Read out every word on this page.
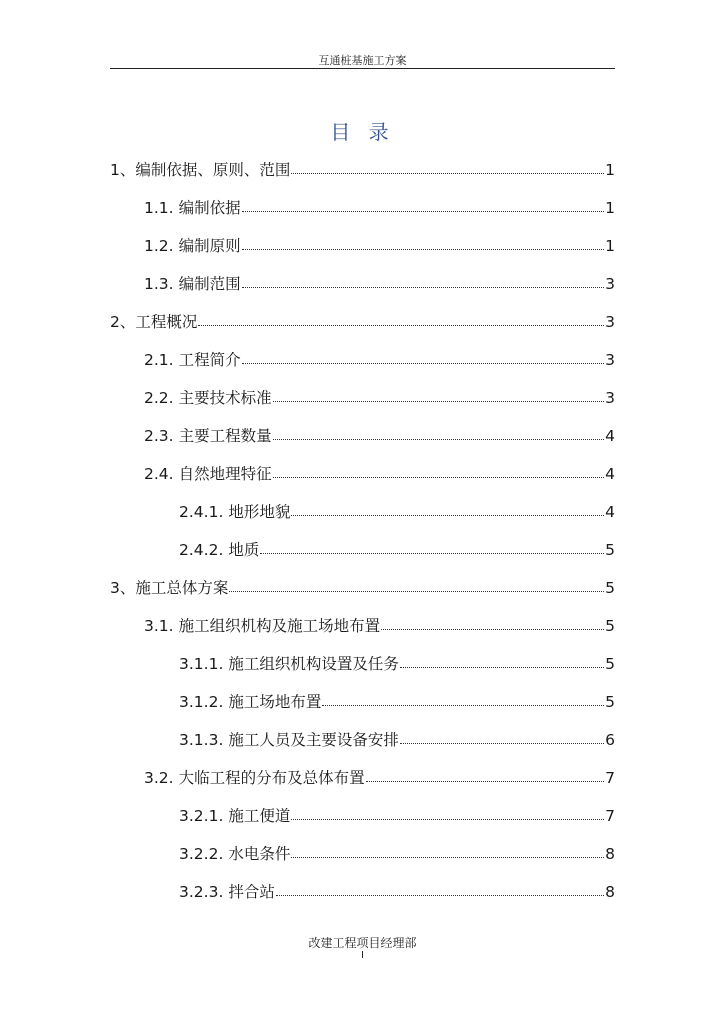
互通桩基施工方案
目 录
1、 编制依据、原则、范围	1
1.1. 编制依据	1
1.2. 编制原则	1
1.3. 编制范围	3
2、 工程概况	3
2.1. 工程简介	3
2.2. 主要技术标准	3
2.3. 主要工程数量	4
2.4. 自然地理特征	4
2.4.1. 地形地貌	4
2.4.2. 地质	5
3、 施工总体方案	5
3.1. 施工组织机构及施工场地布置	5
3.1.1. 施工组织机构设置及任务	5
3.1.2. 施工场地布置	5
3.1.3. 施工人员及主要设备安排	6
3.2. 大临工程的分布及总体布置	7
3.2.1. 施工便道	7
3.2.2. 水电条件	8
3.2.3. 拌合站	8
改建工程项目经理部
I
